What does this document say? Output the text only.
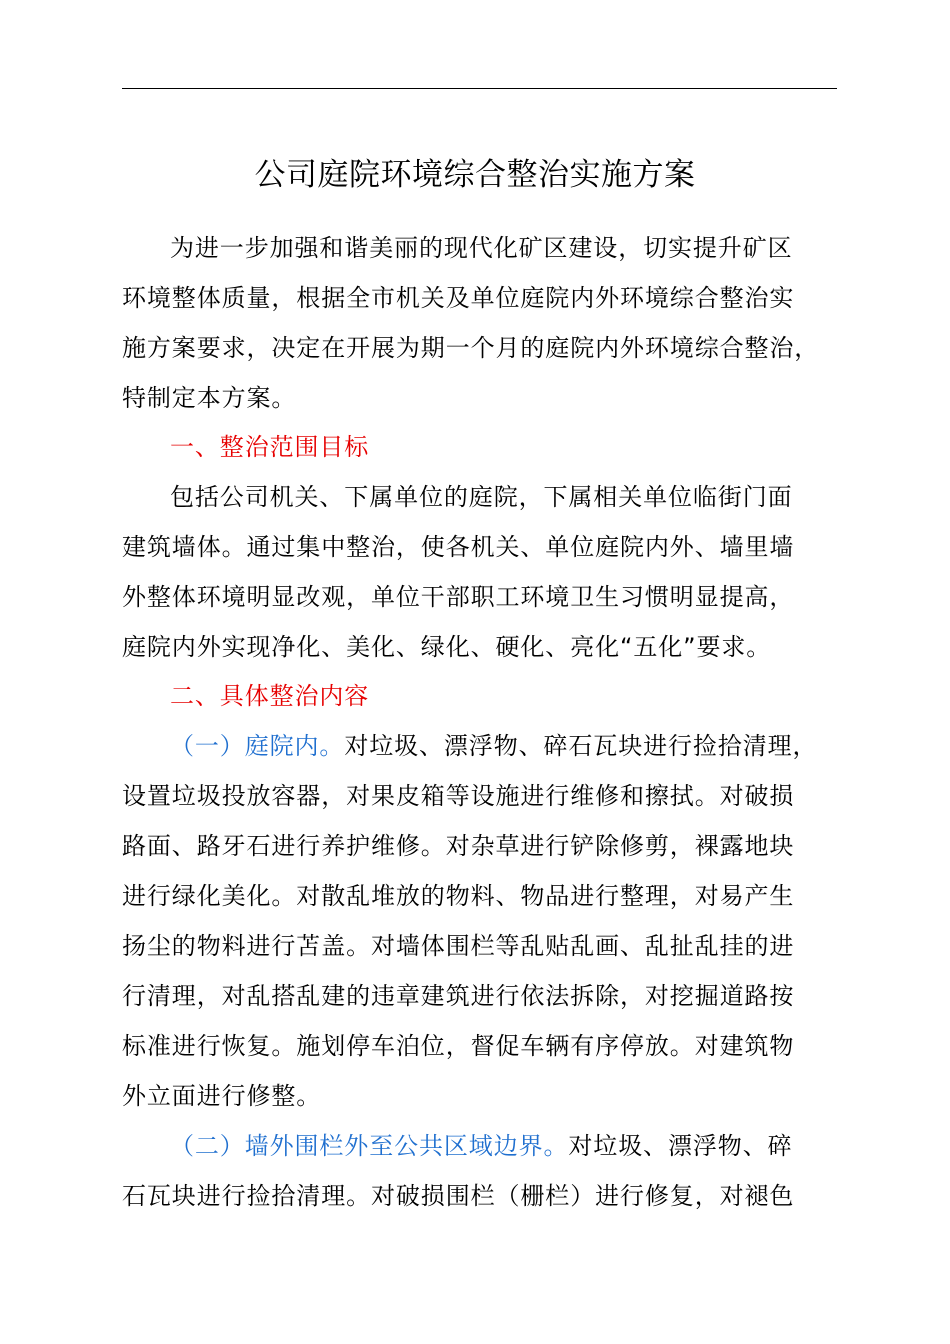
公司庭院环境综合整治实施方案
为进一步加强和谐美丽的现代化矿区建设，切实提升矿区
环境整体质量，根据全市机关及单位庭院内外环境综合整治实
施方案要求，决定在开展为期一个月的庭院内外环境综合整治，
特制定本方案。
一、整治范围目标
包括公司机关、下属单位的庭院，下属相关单位临街门面
建筑墙体。通过集中整治，使各机关、单位庭院内外、墙里墙
外整体环境明显改观，单位干部职工环境卫生习惯明显提高，
庭院内外实现净化、美化、绿化、硬化、亮化“五化”要求。
二、具体整治内容
（一）庭院内。对垃圾、漂浮物、碎石瓦块进行捡拾清理，
设置垃圾投放容器，对果皮箱等设施进行维修和擦拭。对破损
路面、路牙石进行养护维修。对杂草进行铲除修剪，裸露地块
进行绿化美化。对散乱堆放的物料、物品进行整理，对易产生
扬尘的物料进行苫盖。对墙体围栏等乱贴乱画、乱扯乱挂的进
行清理，对乱搭乱建的违章建筑进行依法拆除，对挖掘道路按
标准进行恢复。施划停车泊位，督促车辆有序停放。对建筑物
外立面进行修整。
（二）墙外围栏外至公共区域边界。对垃圾、漂浮物、碎
石瓦块进行捡拾清理。对破损围栏（栅栏）进行修复，对褪色
